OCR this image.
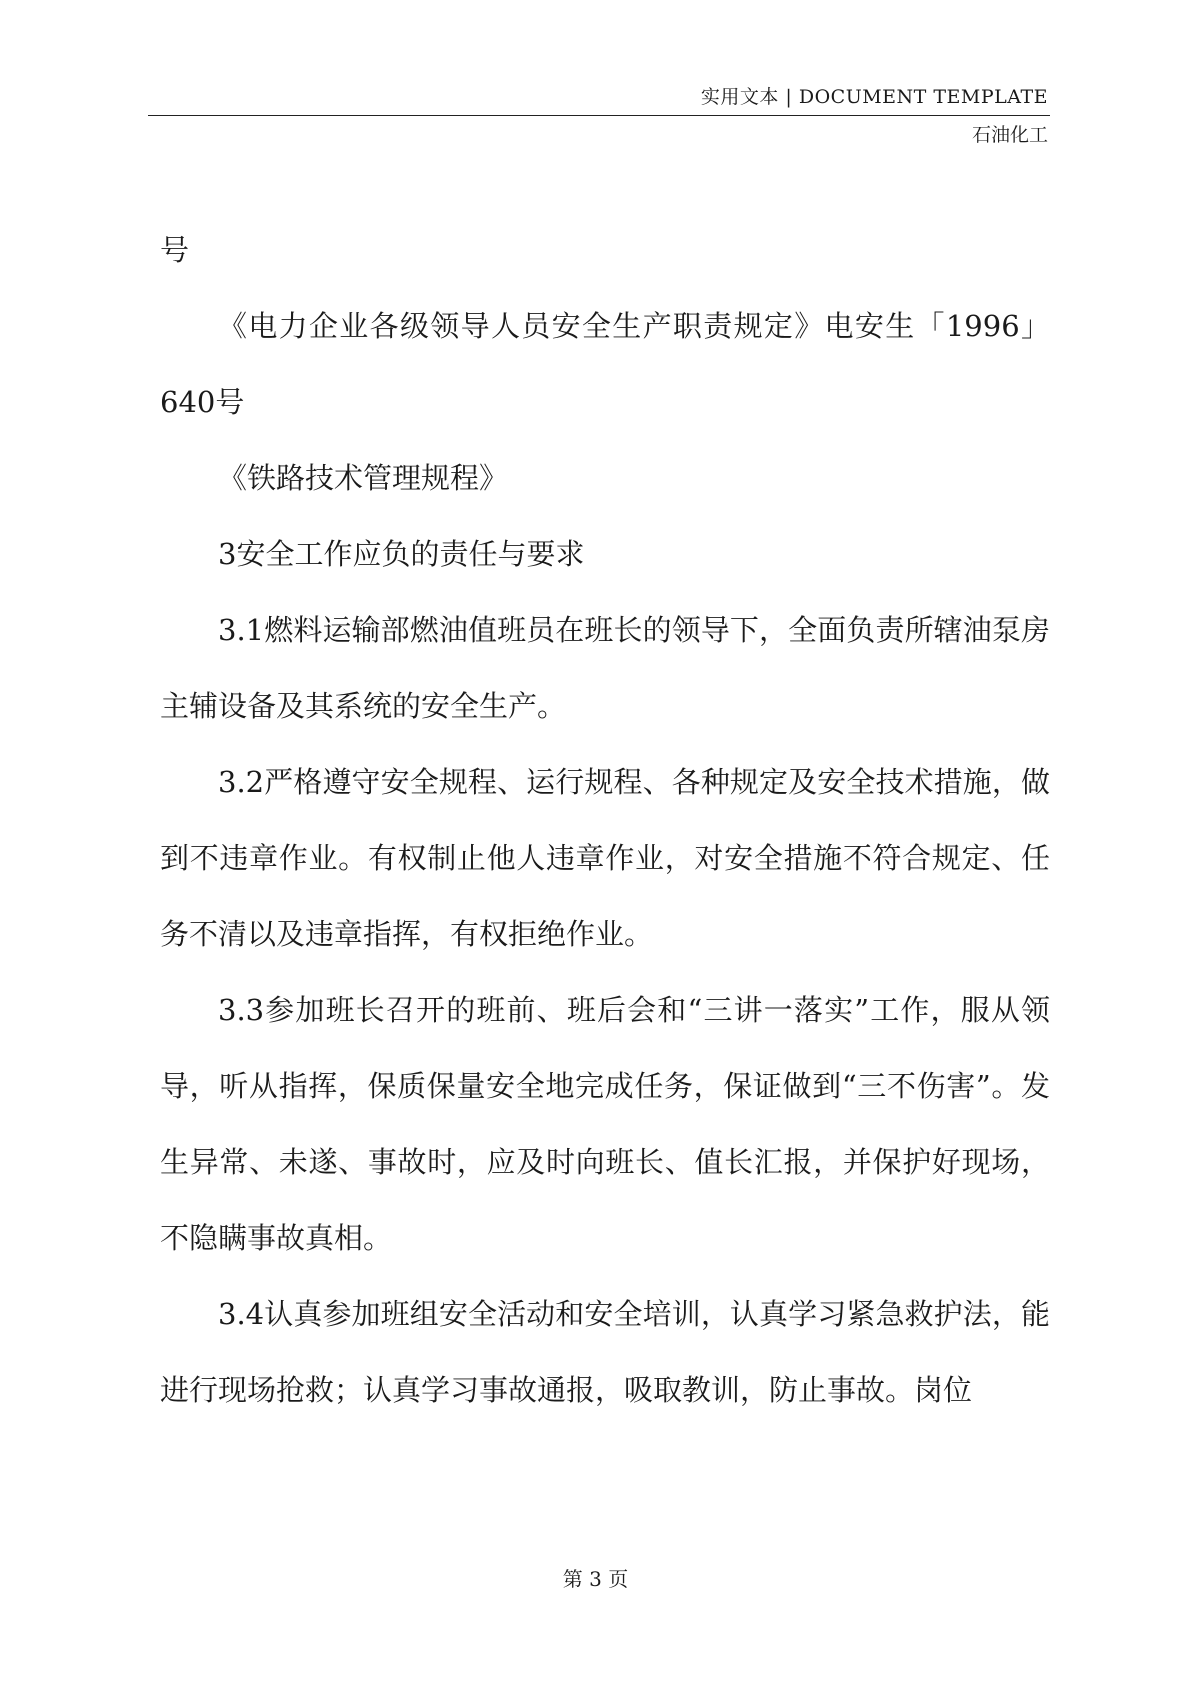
实用文本 | DOCUMENT TEMPLATE
石油化工

号

《电力企业各级领导人员安全生产职责规定》电安生「1996」640号

《铁路技术管理规程》

3安全工作应负的责任与要求

3.1燃料运输部燃油值班员在班长的领导下，全面负责所辖油泵房主辅设备及其系统的安全生产。

3.2严格遵守安全规程、运行规程、各种规定及安全技术措施，做到不违章作业。有权制止他人违章作业，对安全措施不符合规定、任务不清以及违章指挥，有权拒绝作业。

3.3参加班长召开的班前、班后会和“三讲一落实”工作，服从领导，听从指挥，保质保量安全地完成任务，保证做到“三不伤害”。发生异常、未遂、事故时，应及时向班长、值长汇报，并保护好现场，不隐瞒事故真相。

3.4认真参加班组安全活动和安全培训，认真学习紧急救护法，能进行现场抢救；认真学习事故通报，吸取教训，防止事故。岗位

第 3 页
